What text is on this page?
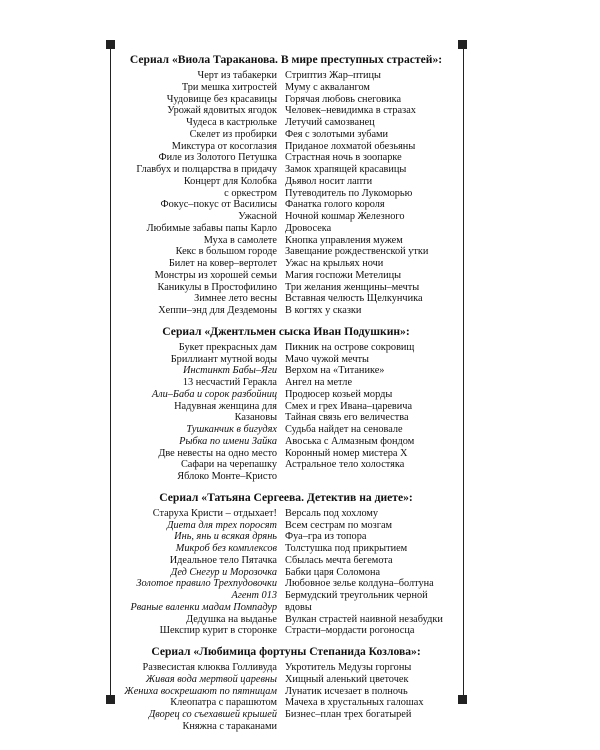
Сериал «Виола Тараканова. В мире преступных страстей»:
Черт из табакерки
Три мешка хитростей
Чудовище без красавицы
Урожай ядовитых ягодок
Чудеса в кастрюльке
Скелет из пробирки
Микстура от косоглазия
Филе из Золотого Петушка
Главбух и полцарства в придачу
Концерт для Колобка
с оркестром
Фокус–покус от Василисы
Ужасной
Любимые забавы папы Карло
Муха в самолете
Кекс в большом городе
Билет на ковер–вертолет
Монстры из хорошей семьи
Каникулы в Простофилино
Зимнее лето весны
Хеппи–энд для Дездемоны
Стриптиз Жар–птицы
Муму с аквалангом
Горячая любовь снеговика
Человек–невидимка в стразах
Летучий самозванец
Фея с золотыми зубами
Приданое лохматой обезьяны
Страстная ночь в зоопарке
Замок храпящей красавицы
Дьявол носит лапти
Путеводитель по Лукоморью
Фанатка голого короля
Ночной кошмар Железного
Дровосека
Кнопка управления мужем
Завещание рождественской утки
Ужас на крыльях ночи
Магия госпожи Метелицы
Три желания женщины–мечты
Вставная челюсть Щелкунчика
В когтях у сказки
Сериал «Джентльмен сыска Иван Подушкин»:
Букет прекрасных дам
Бриллиант мутной воды
Инстинкт Бабы–Яги
13 несчастий Геракла
Али–Баба и сорок разбойниц
Надувная женщина для
Казановы
Тушканчик в бигудях
Рыбка по имени Зайка
Две невесты на одно место
Сафари на черепашку
Яблоко Монте–Кристо
Пикник на острове сокровищ
Мачо чужой мечты
Верхом на «Титанике»
Ангел на метле
Продюсер козьей морды
Смех и грех Ивана–царевича
Тайная связь его величества
Судьба найдет на сеновале
Авоська с Алмазным фондом
Коронный номер мистера Х
Астральное тело холостяка
Сериал «Татьяна Сергеева. Детектив на диете»:
Старуха Кристи – отдыхает!
Диета для трех поросят
Инь, янь и всякая дрянь
Микроб без комплексов
Идеальное тело Пятачка
Дед Снегур и Морозочка
Золотое правило Трехпудовочки
Агент 013
Рваные валенки мадам Помпадур
Дедушка на выданье
Шекспир курит в сторонке
Версаль под хохлому
Всем сестрам по мозгам
Фуа–гра из топора
Толстушка под прикрытием
Сбылась мечта бегемота
Бабки царя Соломона
Любовное зелье колдуна–болтуна
Бермудский треугольник черной
вдовы
Вулкан страстей наивной незабудки
Страсти–мордасти рогоносца
Сериал «Любимица фортуны Степанида Козлова»:
Развесистая клюква Голливуда
Живая вода мертвой царевны
Жениха воскрешают по пятницам
Клеопатра с парашютом
Дворец со съехавшей крышей
Княжна с тараканами
Укротитель Медузы горгоны
Хищный аленький цветочек
Лунатик исчезает в полночь
Мачеха в хрустальных галошах
Бизнес–план трех богатырей
